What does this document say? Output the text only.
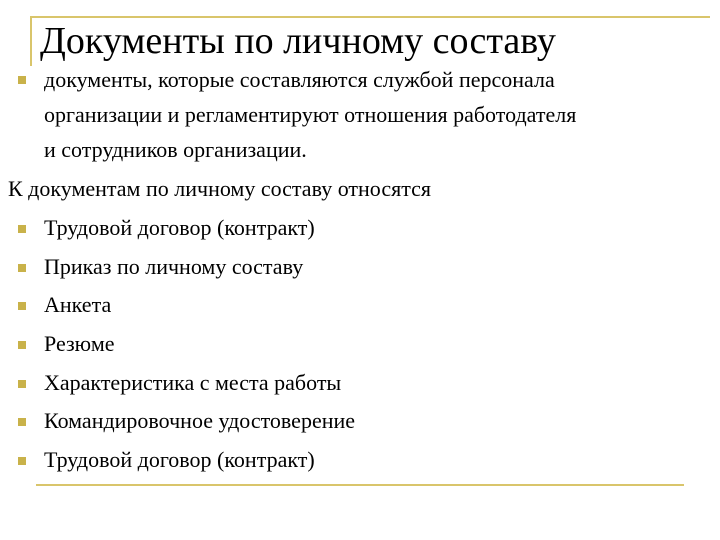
Документы по личному составу
документы, которые составляются службой персонала
организации и регламентируют отношения работодателя
и сотрудников организации.
К документам по личному составу относятся
Трудовой договор (контракт)
Приказ по личному составу
Анкета
Резюме
Характеристика с места работы
Командировочное удостоверение
Трудовой договор (контракт)
